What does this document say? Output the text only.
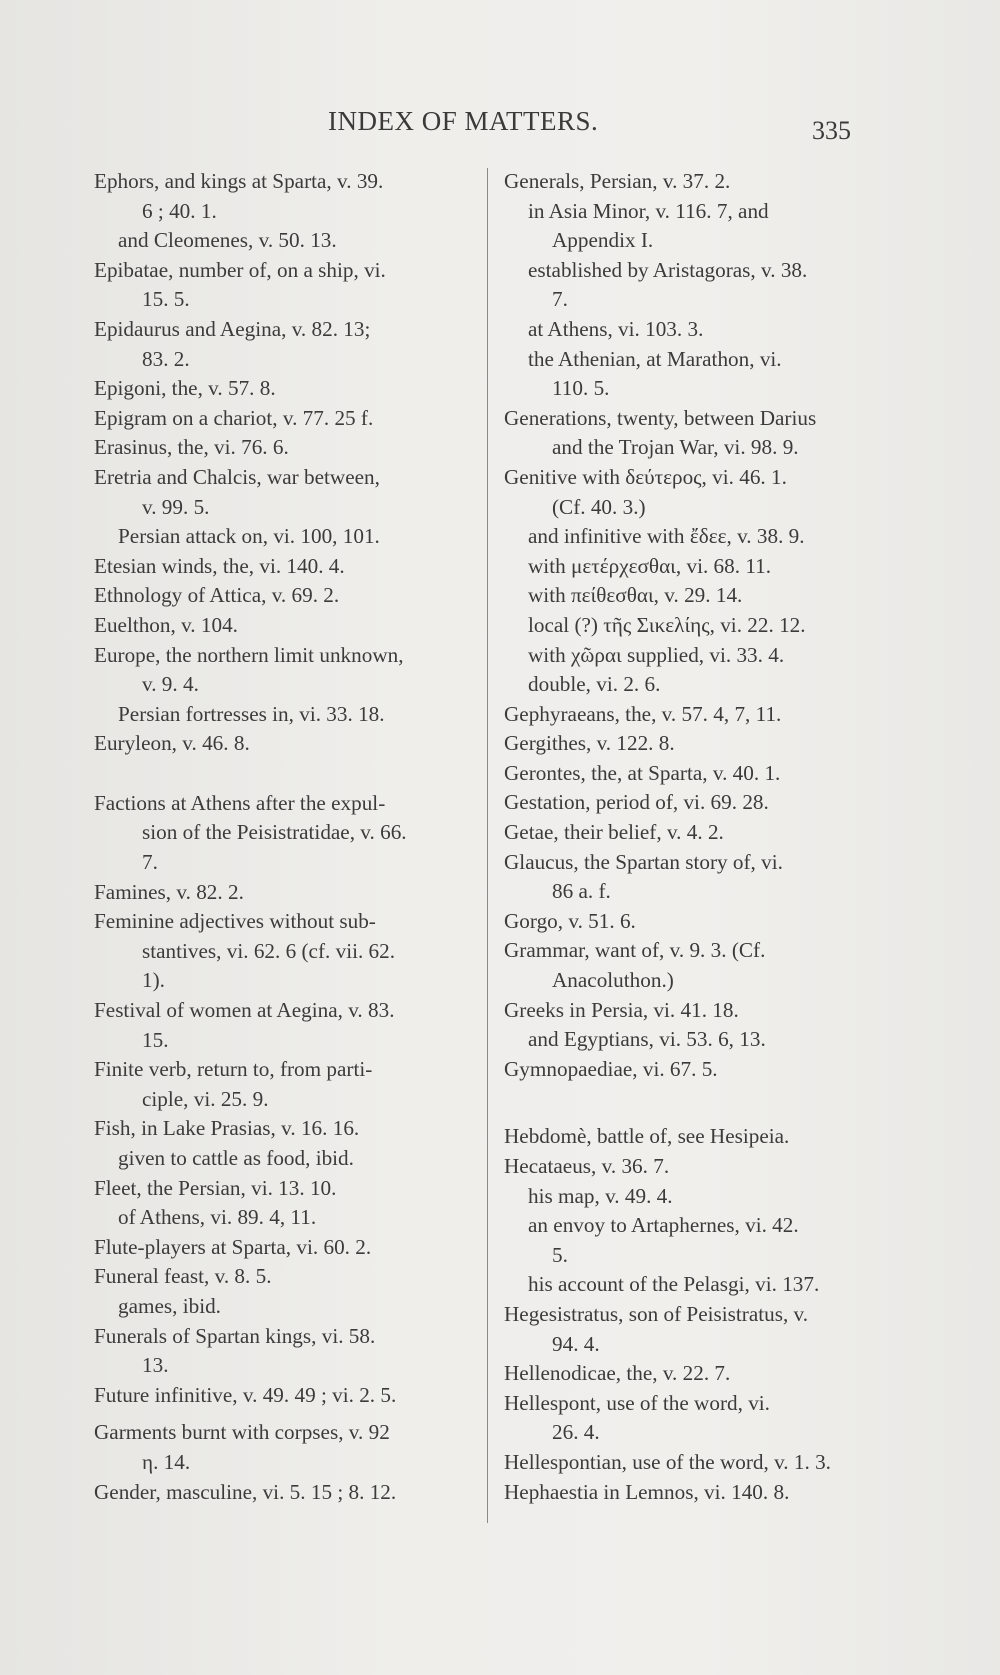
INDEX OF MATTERS.	335
Ephors, and kings at Sparta, v. 39.
6 ; 40. 1.
and Cleomenes, v. 50. 13.
Epibatae, number of, on a ship, vi.
15. 5.
Epidaurus and Aegina, v. 82. 13;
83. 2.
Epigoni, the, v. 57. 8.
Epigram on a chariot, v. 77. 25 f.
Erasinus, the, vi. 76. 6.
Eretria and Chalcis, war between,
v. 99. 5.
Persian attack on, vi. 100, 101.
Etesian winds, the, vi. 140. 4.
Ethnology of Attica, v. 69. 2.
Euelthon, v. 104.
Europe, the northern limit unknown,
v. 9. 4.
Persian fortresses in, vi. 33. 18.
Euryleon, v. 46. 8.
Factions at Athens after the expul-
sion of the Peisistratidae, v. 66.
7.
Famines, v. 82. 2.
Feminine adjectives without sub-
stantives, vi. 62. 6 (cf. vii. 62.
1).
Festival of women at Aegina, v. 83.
15.
Finite verb, return to, from parti-
ciple, vi. 25. 9.
Fish, in Lake Prasias, v. 16. 16.
given to cattle as food, ibid.
Fleet, the Persian, vi. 13. 10.
of Athens, vi. 89. 4, 11.
Flute-players at Sparta, vi. 60. 2.
Funeral feast, v. 8. 5.
games, ibid.
Funerals of Spartan kings, vi. 58.
13.
Future infinitive, v. 49. 49 ; vi. 2. 5.
Garments burnt with corpses, v. 92
η. 14.
Gender, masculine, vi. 5. 15 ; 8. 12.
Generals, Persian, v. 37. 2.
in Asia Minor, v. 116. 7, and
Appendix I.
established by Aristagoras, v. 38.
7.
at Athens, vi. 103. 3.
the Athenian, at Marathon, vi.
110. 5.
Generations, twenty, between Darius
and the Trojan War, vi. 98. 9.
Genitive with δεύτερος, vi. 46. 1.
(Cf. 40. 3.)
and infinitive with ἔδεε, v. 38. 9.
with μετέρχεσθαι, vi. 68. 11.
with πείθεσθαι, v. 29. 14.
local (?) τῆς Σικελίης, vi. 22. 12.
with χῶραι supplied, vi. 33. 4.
double, vi. 2. 6.
Gephyraeans, the, v. 57. 4, 7, 11.
Gergithes, v. 122. 8.
Gerontes, the, at Sparta, v. 40. 1.
Gestation, period of, vi. 69. 28.
Getae, their belief, v. 4. 2.
Glaucus, the Spartan story of, vi.
86 a. f.
Gorgo, v. 51. 6.
Grammar, want of, v. 9. 3. (Cf.
Anacoluthon.)
Greeks in Persia, vi. 41. 18.
and Egyptians, vi. 53. 6, 13.
Gymnopaediae, vi. 67. 5.
Hebdomè, battle of, see Hesipeia.
Hecataeus, v. 36. 7.
his map, v. 49. 4.
an envoy to Artaphernes, vi. 42.
5.
his account of the Pelasgi, vi. 137.
Hegesistratus, son of Peisistratus, v.
94. 4.
Hellenodicae, the, v. 22. 7.
Hellespont, use of the word, vi.
26. 4.
Hellespontian, use of the word, v. 1. 3.
Hephaestia in Lemnos, vi. 140. 8.
